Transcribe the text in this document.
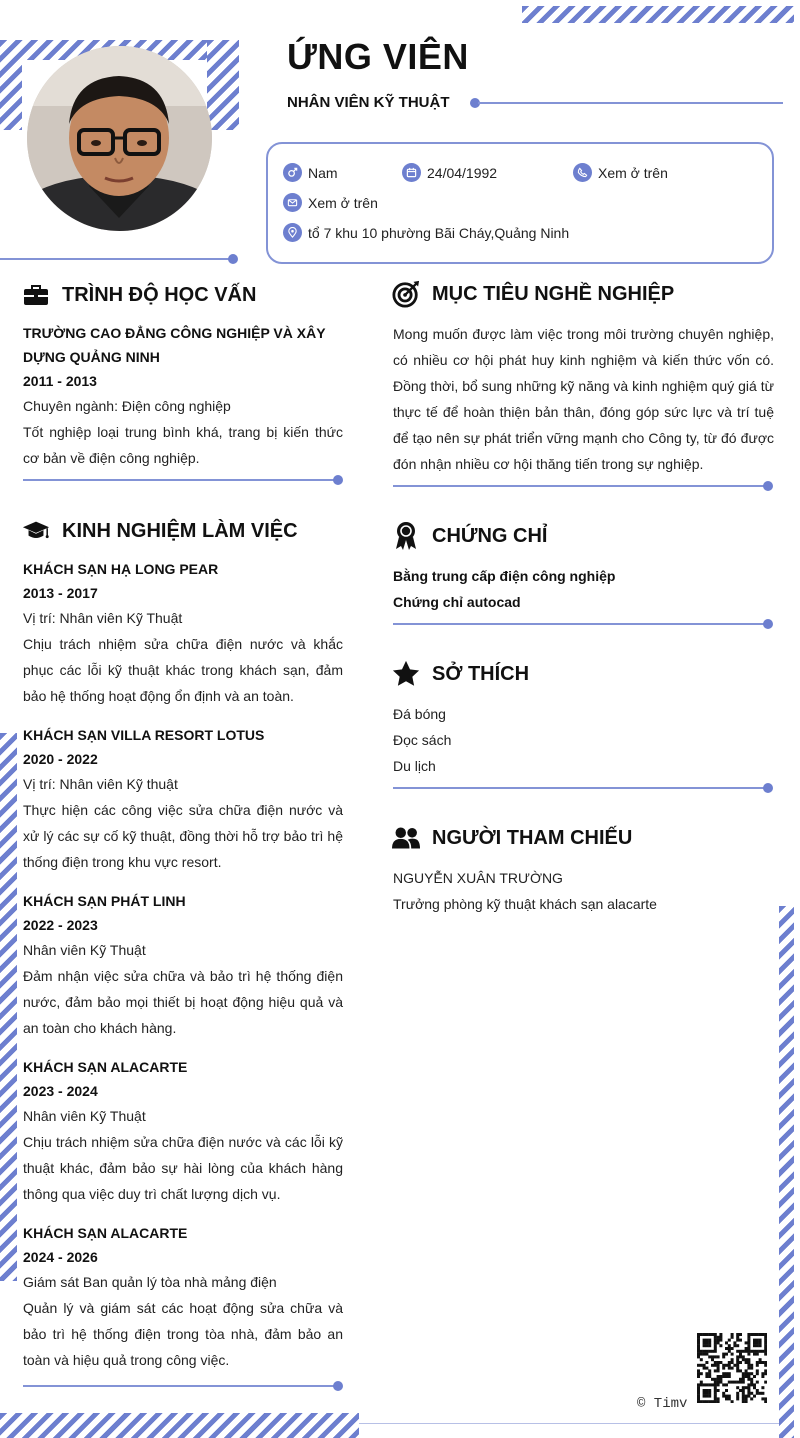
ỨNG VIÊN
NHÂN VIÊN KỸ THUẬT
Nam	24/04/1992	Xem ở trên
Xem ở trên
tổ 7 khu 10 phường Bãi Cháy,Quảng Ninh
TRÌNH ĐỘ HỌC VẤN
TRƯỜNG CAO ĐẲNG CÔNG NGHIỆP VÀ XÂY DỰNG QUẢNG NINH
2011 - 2013
Chuyên ngành: Điện công nghiệp
Tốt nghiệp loại trung bình khá, trang bị kiến thức cơ bản về điện công nghiệp.
KINH NGHIỆM LÀM VIỆC
KHÁCH SẠN HẠ LONG PEAR
2013 - 2017
Vị trí: Nhân viên Kỹ Thuật
Chịu trách nhiệm sửa chữa điện nước và khắc phục các lỗi kỹ thuật khác trong khách sạn, đảm bảo hệ thống hoạt động ổn định và an toàn.
KHÁCH SẠN VILLA RESORT LOTUS
2020 - 2022
Vị trí: Nhân viên Kỹ thuật
Thực hiện các công việc sửa chữa điện nước và xử lý các sự cố kỹ thuật, đồng thời hỗ trợ bảo trì hệ thống điện trong khu vực resort.
KHÁCH SẠN PHÁT LINH
2022 - 2023
Nhân viên Kỹ Thuật
Đảm nhận việc sửa chữa và bảo trì hệ thống điện nước, đảm bảo mọi thiết bị hoạt động hiệu quả và an toàn cho khách hàng.
KHÁCH SẠN ALACARTE
2023 - 2024
Nhân viên Kỹ Thuật
Chịu trách nhiệm sửa chữa điện nước và các lỗi kỹ thuật khác, đảm bảo sự hài lòng của khách hàng thông qua việc duy trì chất lượng dịch vụ.
KHÁCH SẠN ALACARTE
2024 - 2026
Giám sát Ban quản lý tòa nhà mảng điện
Quản lý và giám sát các hoạt động sửa chữa và bảo trì hệ thống điện trong tòa nhà, đảm bảo an toàn và hiệu quả trong công việc.
MỤC TIÊU NGHỀ NGHIỆP
Mong muốn được làm việc trong môi trường chuyên nghiệp, có nhiều cơ hội phát huy kinh nghiệm và kiến thức vốn có. Đồng thời, bổ sung những kỹ năng và kinh nghiệm quý giá từ thực tế để hoàn thiện bản thân, đóng góp sức lực và trí tuệ để tạo nên sự phát triển vững mạnh cho Công ty, từ đó được đón nhận nhiều cơ hội thăng tiến trong sự nghiệp.
CHỨNG CHỈ
Bằng trung cấp điện công nghiệp
Chứng chỉ autocad
SỞ THÍCH
Đá bóng
Đọc sách
Du lịch
NGƯỜI THAM CHIẾU
NGUYỄN XUÂN TRƯỜNG
Trưởng phòng kỹ thuật khách sạn alacarte
© Timv
